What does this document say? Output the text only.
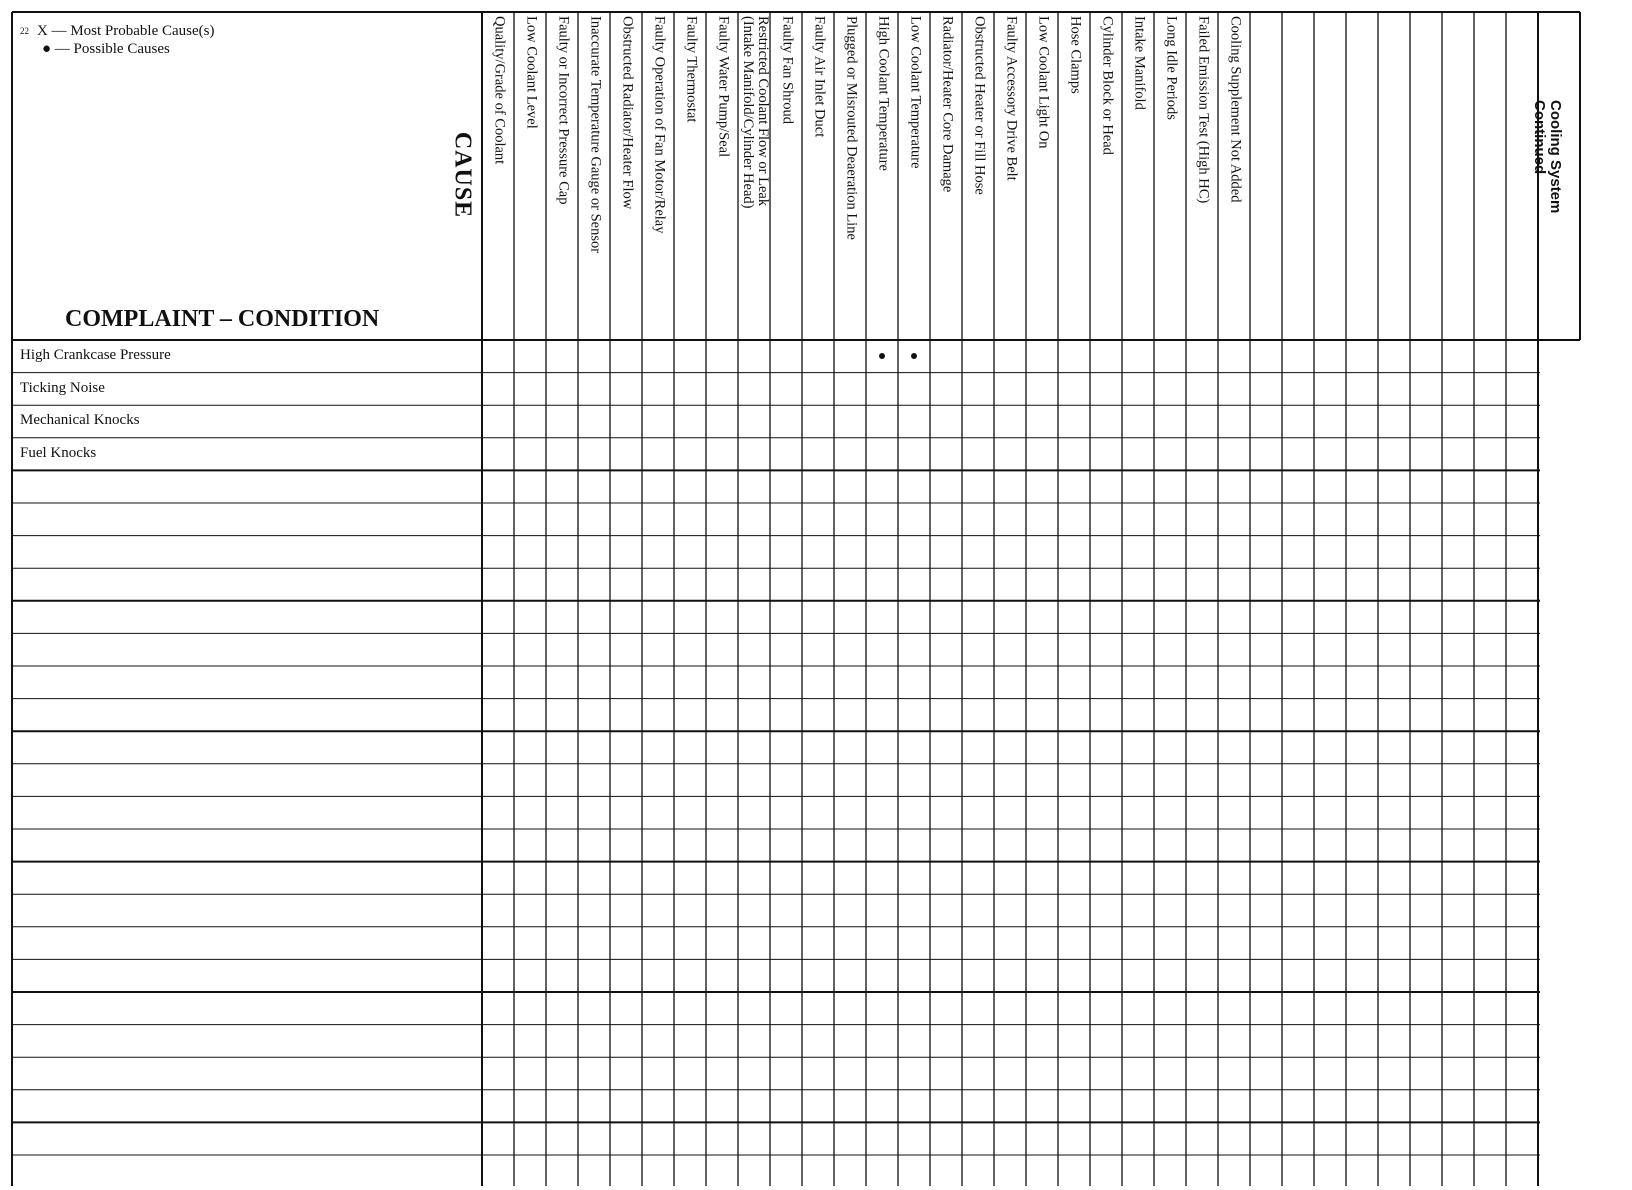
22 X — Most Probable Cause(s)
● — Possible Causes
CAUSE
COMPLAINT – CONDITION
Cooling System
Continued
Quality/Grade of Coolant Low Coolant Level Faulty or Incorrect Pressure Cap Inaccurate Temperature Gauge or Sensor Obstructed Radiator/Heater Flow Faulty Operation of Fan Motor/Relay Faulty Thermostat Faulty Water Pump/Seal	Restricted Coolant Flow or Leak
(Intake Manifold/Cylinder Head)
Faulty Fan Shroud Faulty Air Inlet Duct Plugged or Misrouted Deaeration Line High Coolant Temperature Low Coolant Temperature Radiator/Heater Core Damage Obstructed Heater or Fill Hose Faulty Accessory Drive Belt Low Coolant Light On Hose Clamps Cylinder Block or Head Intake Manifold Long Idle Periods Failed Emission Test (High HC) Cooling Supplement Not Added
High Crankcase Pressure
Ticking Noise
Mechanical Knocks
Fuel Knocks
